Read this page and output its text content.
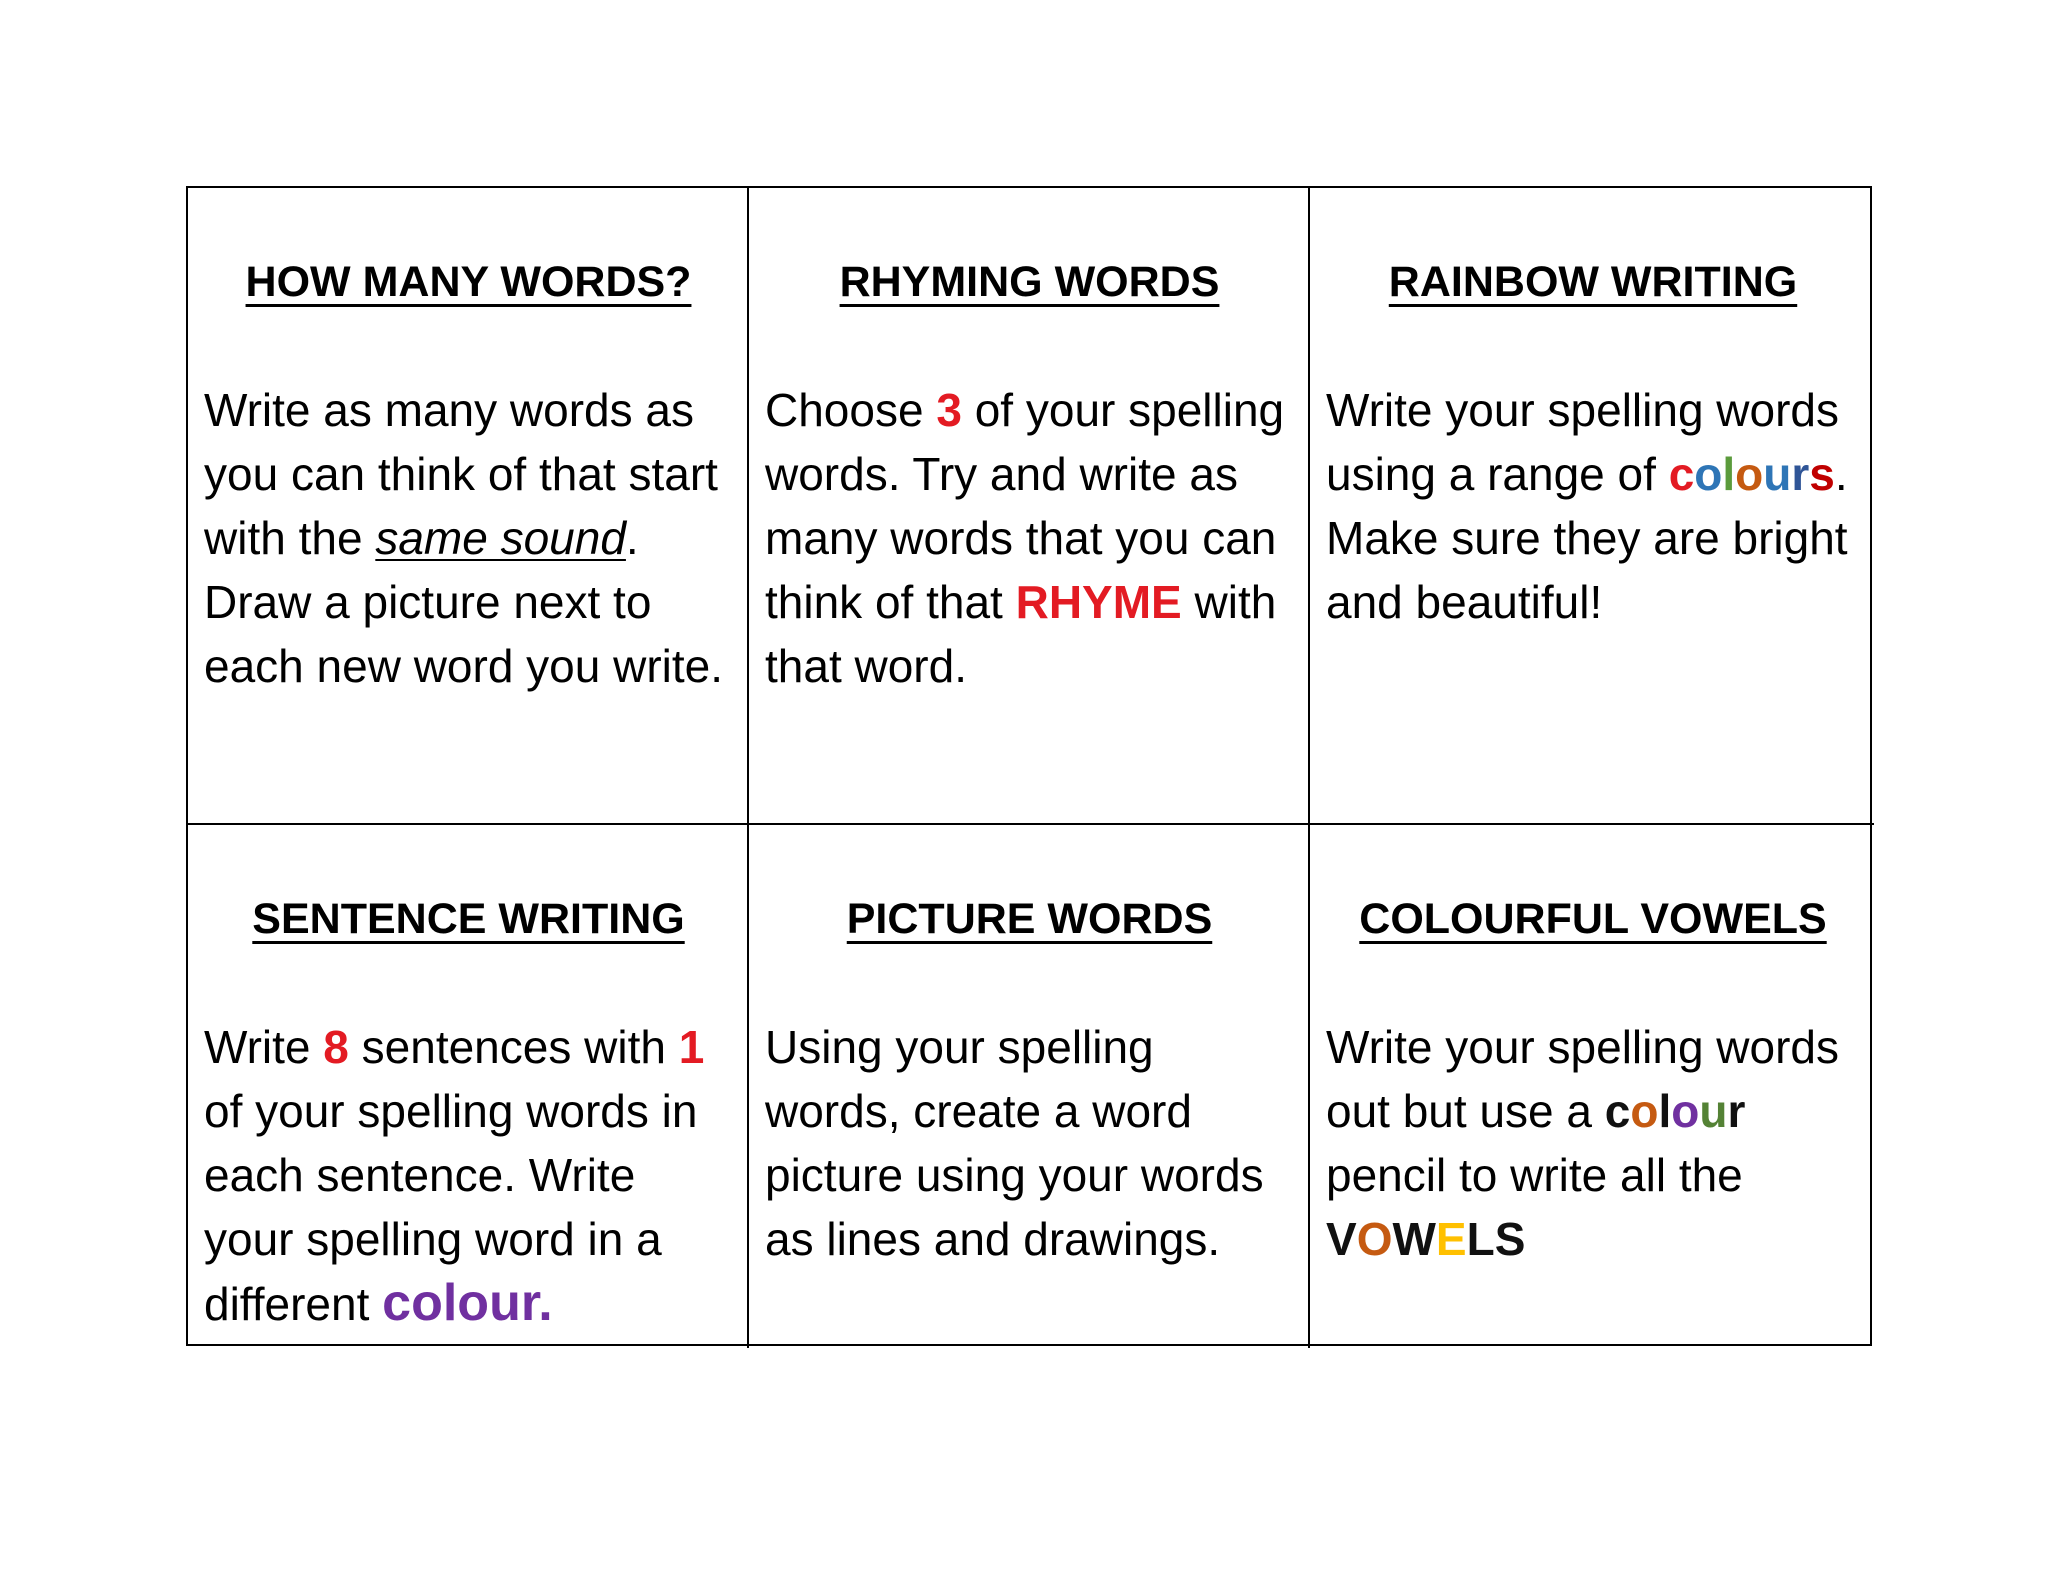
HOW MANY WORDS?

Write as many words as you can think of that start with the same sound. Draw a picture next to each new word you write.

RHYMING WORDS

Choose 3 of your spelling words. Try and write as many words that you can think of that RHYME with that word.

RAINBOW WRITING

Write your spelling words using a range of colours. Make sure they are bright and beautiful!

SENTENCE WRITING

Write 8 sentences with 1 of your spelling words in each sentence. Write your spelling word in a different colour.

PICTURE WORDS

Using your spelling words, create a word picture using your words as lines and drawings.

COLOURFUL VOWELS

Write your spelling words out but use a colour pencil to write all the VOWELS
